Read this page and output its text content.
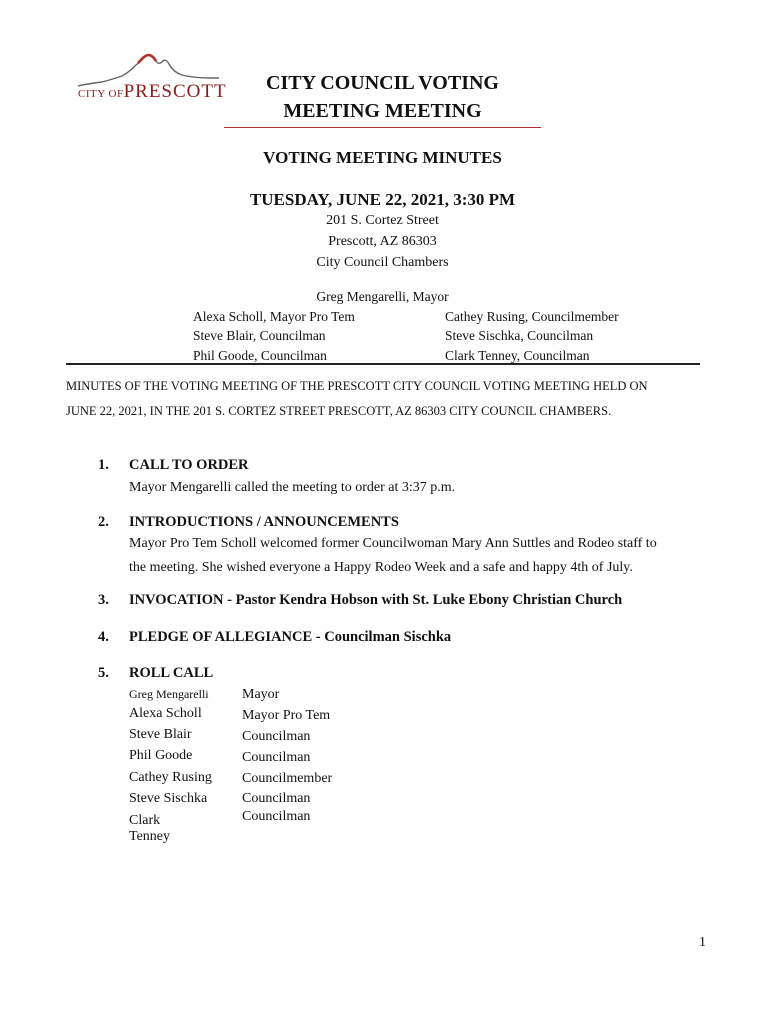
CITY OFPRESCOTT	CITY COUNCIL VOTING
MEETING MEETING
VOTING MEETING MINUTES
TUESDAY, JUNE 22, 2021, 3:30 PM
201 S. Cortez Street
Prescott, AZ 86303
City Council Chambers
Greg Mengarelli, Mayor
Alexa Scholl, Mayor Pro Tem
Steve Blair, Councilman
Phil Goode, Councilman
Cathey Rusing, Councilmember
Steve Sischka, Councilman
Clark Tenney, Councilman
MINUTES OF THE VOTING MEETING OF THE PRESCOTT CITY COUNCIL VOTING MEETING HELD ON
JUNE 22, 2021, IN THE 201 S. CORTEZ STREET PRESCOTT, AZ 86303 CITY COUNCIL CHAMBERS.
1. CALL TO ORDER
Mayor Mengarelli called the meeting to order at 3:37 p.m.
2. INTRODUCTIONS / ANNOUNCEMENTS
Mayor Pro Tem Scholl welcomed former Councilwoman Mary Ann Suttles and Rodeo staff to
the meeting. She wished everyone a Happy Rodeo Week and a safe and happy 4th of July.
3. INVOCATION - Pastor Kendra Hobson with St. Luke Ebony Christian Church
4. PLEDGE OF ALLEGIANCE - Councilman Sischka
5. ROLL CALL
Greg Mengarelli
Alexa Scholl
Steve Blair
Phil Goode
Cathey Rusing
Steve Sischka
Clark
Tenney
Mayor
Mayor Pro Tem
Councilman
Councilman
Councilmember
Councilman
Councilman
1
